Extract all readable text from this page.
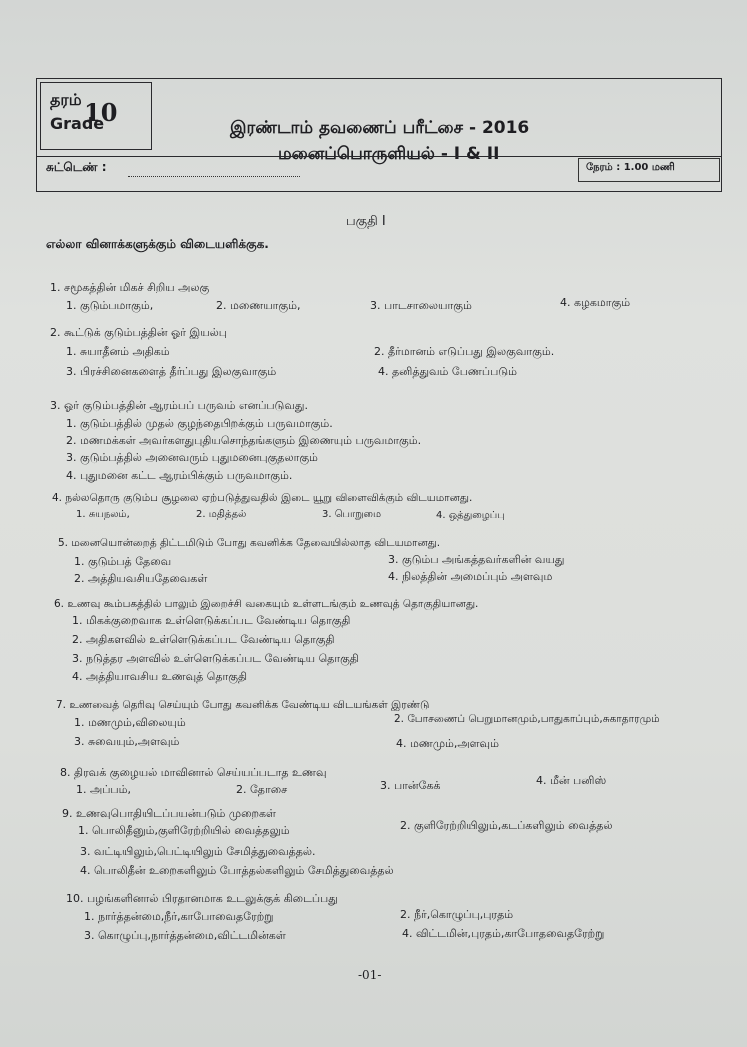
தரம்
Grade
10
இரண்டாம் தவணைப் பரீட்சை - 2016
மனைப்பொருளியல் - I & II
சுட்டெண் :	நேரம் : 1.00 மணி
பகுதி I
எல்லா வினாக்களுக்கும் விடையளிக்குக.
1. சமூகத்தின் மிகச் சிறிய அலகு
1. குடும்பமாகும்,	2. மணையாகும்,	3. பாடசாலையாகும்	4. கழகமாகும்
2. கூட்டுக் குடும்பத்தின் ஓர் இயல்பு
1. சுயாதீனம் அதிகம்	2. தீர்மானம் எடுப்பது இலகுவாகும்.
3. பிரச்சினைகளைத் தீர்ப்பது இலகுவாகும்	4. தனித்துவம் பேணப்படும்
3. ஓர் குடும்பத்தின் ஆரம்பப் பருவம் எனப்படுவது.
1. குடும்பத்தில் முதல் குழந்தைபிறக்கும் பருவமாகும்.
2. மணமக்கள் அவர்களதுபுதியசொந்தங்களும் இணையும் பருவமாகும்.
3. குடும்பத்தில் அனைவரும் புதுமனைபுகுதலாகும்
4. புதுமனை கட்ட ஆரம்பிக்கும் பருவமாகும்.
4. நல்லதொரு குடும்ப சூழலை ஏற்படுத்துவதில் இடை யூறு விளைவிக்கும் விடயமானது.
1. சுயநலம்,	2. மதித்தல்	3. பொறுமை	4. ஒத்துழைப்பு
5. மனையொன்றைத் திட்டமிடும் போது கவனிக்க தேவையில்லாத விடயமானது.
1. குடும்பத் தேவை	3. குடும்ப அங்கத்தவர்களின் வயது
2. அத்தியவசியதேவைகள்	4. நிலத்தின் அமைப்பும் அளவும
6. உணவு கூம்பகத்தில் பாலும் இறைச்சி வகையும் உள்ளடங்கும் உணவுத் தொகுதியானது.
1. மிகக்குறைவாக உள்ளெடுக்கப்பட வேண்டிய தொகுதி
2. அதிகளவில் உள்ளெடுக்கப்பட வேண்டிய தொகுதி
3. நடுத்தர அளவில் உள்ளெடுக்கப்பட வேண்டிய தொகுதி
4. அத்தியாவசிய உணவுத் தொகுதி
7. உணவைத் தெரிவு செய்யும் போது கவனிக்க வேண்டிய விடயங்கள் இரண்டு
1. மணமும்,விலையும்	2. போசணைப் பெறுமானமும்,பாதுகாப்பும்,சுகாதாரமும்
3. சுவையும்,அளவும்	4. மணமும்,அளவும்
8. திரவக் குழையல் மாவினால் செய்யப்படாத உணவு
1. அப்பம்,	2. தோசை	3. பான்கேக்	4. மீன் பனிஸ்
9. உணவுபொதியிடப்பயன்படும் முறைகள்
1. பொலிதீனும்,குளிரேற்றியில் வைத்தலும்	2. குளிரேற்றியிலும்,கடப்களிலும் வைத்தல்
3. வட்டியிலும்,பெட்டியிலும் சேமித்துவைத்தல்.
4. பொலிதீன் உறைகளிலும் போத்தல்களிலும் சேமித்துவைத்தல்
10. பழங்களினால் பிரதானமாக உடலுக்குக் கிடைப்பது
1. நார்த்தன்மை,நீர்,காபோவைதரேற்று	2. நீர்,கொழுப்பு,புரதம்
3. கொழுப்பு,நார்த்தன்மை,விட்டமின்கள்	4. விட்டமின்,புரதம்,காபோதவைதரேற்று
-01-
